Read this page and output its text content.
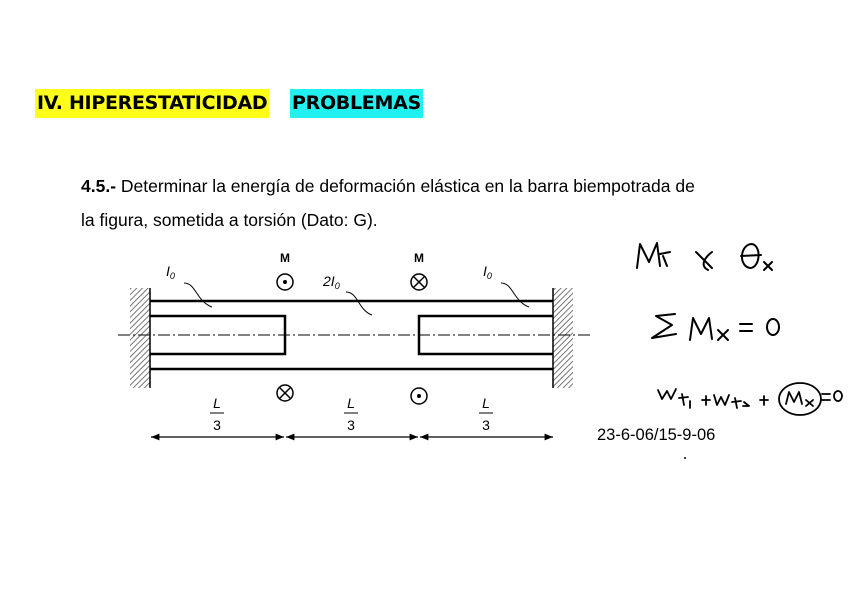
IV. HIPERESTATICIDAD PROBLEMAS
4.5.- Determinar la energía de deformación elástica en la barra biempotrada de
la figura, sometida a torsión (Dato: G).
M	M
$I_0$	$2I_0$
$I_0$
L
3
L
3
L
3
23-6-06/15-9-06
